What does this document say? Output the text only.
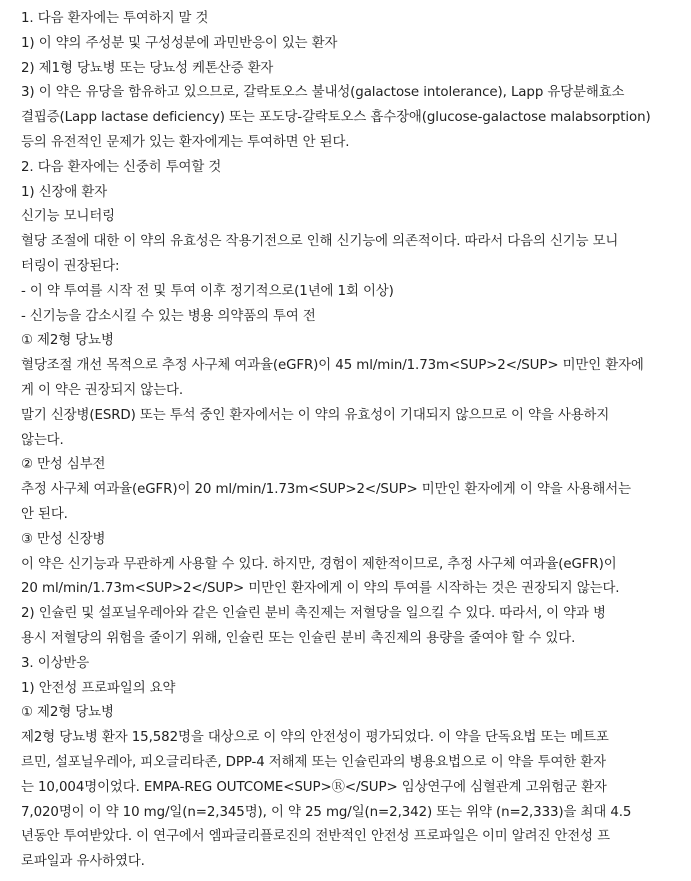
1. 다음 환자에는 투여하지 말 것
1) 이 약의 주성분 및 구성성분에 과민반응이 있는 환자
2) 제1형 당뇨병 또는 당뇨성 케톤산증 환자
3) 이 약은 유당을 함유하고 있으므로, 갈락토오스 불내성(galactose intolerance), Lapp 유당분해효소
결핍증(Lapp lactase deficiency) 또는 포도당-갈락토오스 흡수장애(glucose-galactose malabsorption)
등의 유전적인 문제가 있는 환자에게는 투여하면 안 된다.
2. 다음 환자에는 신중히 투여할 것
1) 신장애 환자
신기능 모니터링
혈당 조절에 대한 이 약의 유효성은 작용기전으로 인해 신기능에 의존적이다. 따라서 다음의 신기능 모니
터링이 권장된다:
- 이 약 투여를 시작 전 및 투여 이후 정기적으로(1년에 1회 이상)
- 신기능을 감소시킬 수 있는 병용 의약품의 투여 전
① 제2형 당뇨병
혈당조절 개선 목적으로 추정 사구체 여과율(eGFR)이 45 ml/min/1.73m<SUP>2</SUP> 미만인 환자에
게 이 약은 권장되지 않는다.
말기 신장병(ESRD) 또는 투석 중인 환자에서는 이 약의 유효성이 기대되지 않으므로 이 약을 사용하지
않는다.
② 만성 심부전
추정 사구체 여과율(eGFR)이 20 ml/min/1.73m<SUP>2</SUP> 미만인 환자에게 이 약을 사용해서는
안 된다.
③ 만성 신장병
이 약은 신기능과 무관하게 사용할 수 있다. 하지만, 경험이 제한적이므로, 추정 사구체 여과율(eGFR)이
20 ml/min/1.73m<SUP>2</SUP> 미만인 환자에게 이 약의 투여를 시작하는 것은 권장되지 않는다.
2) 인슐린 및 설포닐우레아와 같은 인슐린 분비 촉진제는 저혈당을 일으킬 수 있다. 따라서, 이 약과 병
용시 저혈당의 위험을 줄이기 위해, 인슐린 또는 인슐린 분비 촉진제의 용량을 줄여야 할 수 있다.
3. 이상반응
1) 안전성 프로파일의 요약
① 제2형 당뇨병
제2형 당뇨병 환자 15,582명을 대상으로 이 약의 안전성이 평가되었다. 이 약을 단독요법 또는 메트포
르민, 설포닐우레아, 피오글리타존, DPP-4 저해제 또는 인슐린과의 병용요법으로 이 약을 투여한 환자
는 10,004명이었다. EMPA-REG OUTCOME<SUP>Ⓡ</SUP> 임상연구에 심혈관계 고위험군 환자
7,020명이 이 약 10 mg/일(n=2,345명), 이 약 25 mg/일(n=2,342) 또는 위약 (n=2,333)을 최대 4.5
년동안 투여받았다. 이 연구에서 엠파글리플로진의 전반적인 안전성 프로파일은 이미 알려진 안전성 프
로파일과 유사하였다.
